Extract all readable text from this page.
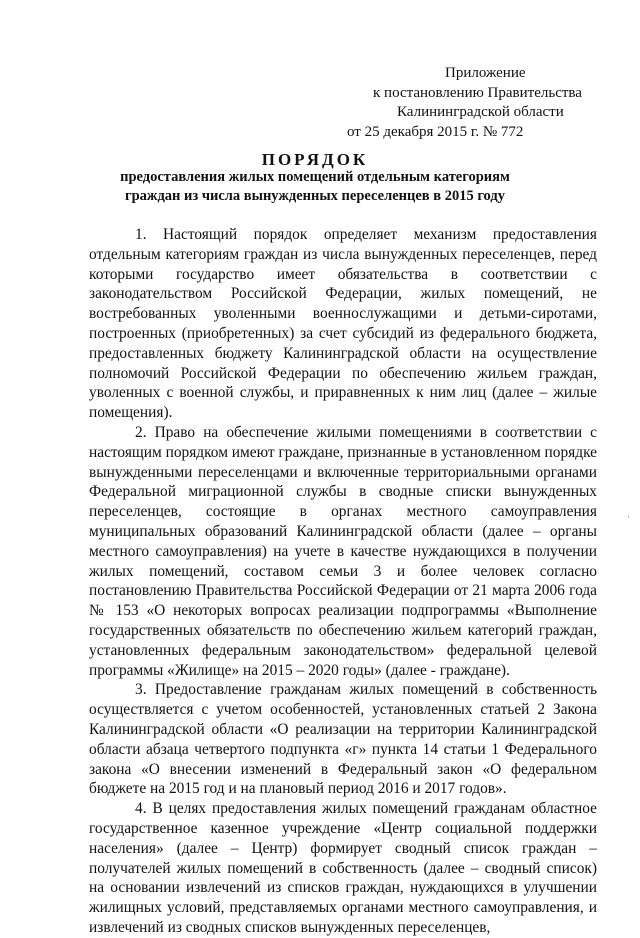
Приложение
к постановлению Правительства
Калининградской области
от 25 декабря 2015 г. № 772
ПОРЯДОК
предоставления жилых помещений отдельным категориям
граждан из числа вынужденных переселенцев в 2015 году

1. Настоящий порядок определяет механизм предоставления отдельным категориям граждан из числа вынужденных переселенцев, перед которыми государство имеет обязательства в соответствии с законодательством Российской Федерации, жилых помещений, не востребованных уволенными военнослужащими и детьми-сиротами, построенных (приобретенных) за счет субсидий из федерального бюджета, предоставленных бюджету Калининградской области на осуществление полномочий Российской Федерации по обеспечению жильем граждан, уволенных с военной службы, и приравненных к ним лиц (далее – жилые помещения).

2. Право на обеспечение жилыми помещениями в соответствии с настоящим порядком имеют граждане, признанные в установленном порядке вынужденными переселенцами и включенные территориальными органами Федеральной миграционной службы в сводные списки вынужденных переселенцев, состоящие в органах местного самоуправления муниципальных образований Калининградской области (далее – органы местного самоуправления) на учете в качестве нуждающихся в получении жилых помещений, составом семьи 3 и более человек согласно постановлению Правительства Российской Федерации от 21 марта 2006 года № 153 «О некоторых вопросах реализации подпрограммы «Выполнение государственных обязательств по обеспечению жильем категорий граждан, установленных федеральным законодательством» федеральной целевой программы «Жилище» на 2015 – 2020 годы» (далее - граждане).

3. Предоставление гражданам жилых помещений в собственность осуществляется с учетом особенностей, установленных статьей 2 Закона Калининградской области «О реализации на территории Калининградской области абзаца четвертого подпункта «г» пункта 14 статьи 1 Федерального закона «О внесении изменений в Федеральный закон «О федеральном бюджете на 2015 год и на плановый период 2016 и 2017 годов».

4. В целях предоставления жилых помещений гражданам областное государственное казенное учреждение «Центр социальной поддержки населения» (далее – Центр) формирует сводный список граждан – получателей жилых помещений в собственность (далее – сводный список) на основании извлечений из списков граждан, нуждающихся в улучшении жилищных условий, представляемых органами местного самоуправления, и извлечений из сводных списков вынужденных переселенцев,

ʿ
